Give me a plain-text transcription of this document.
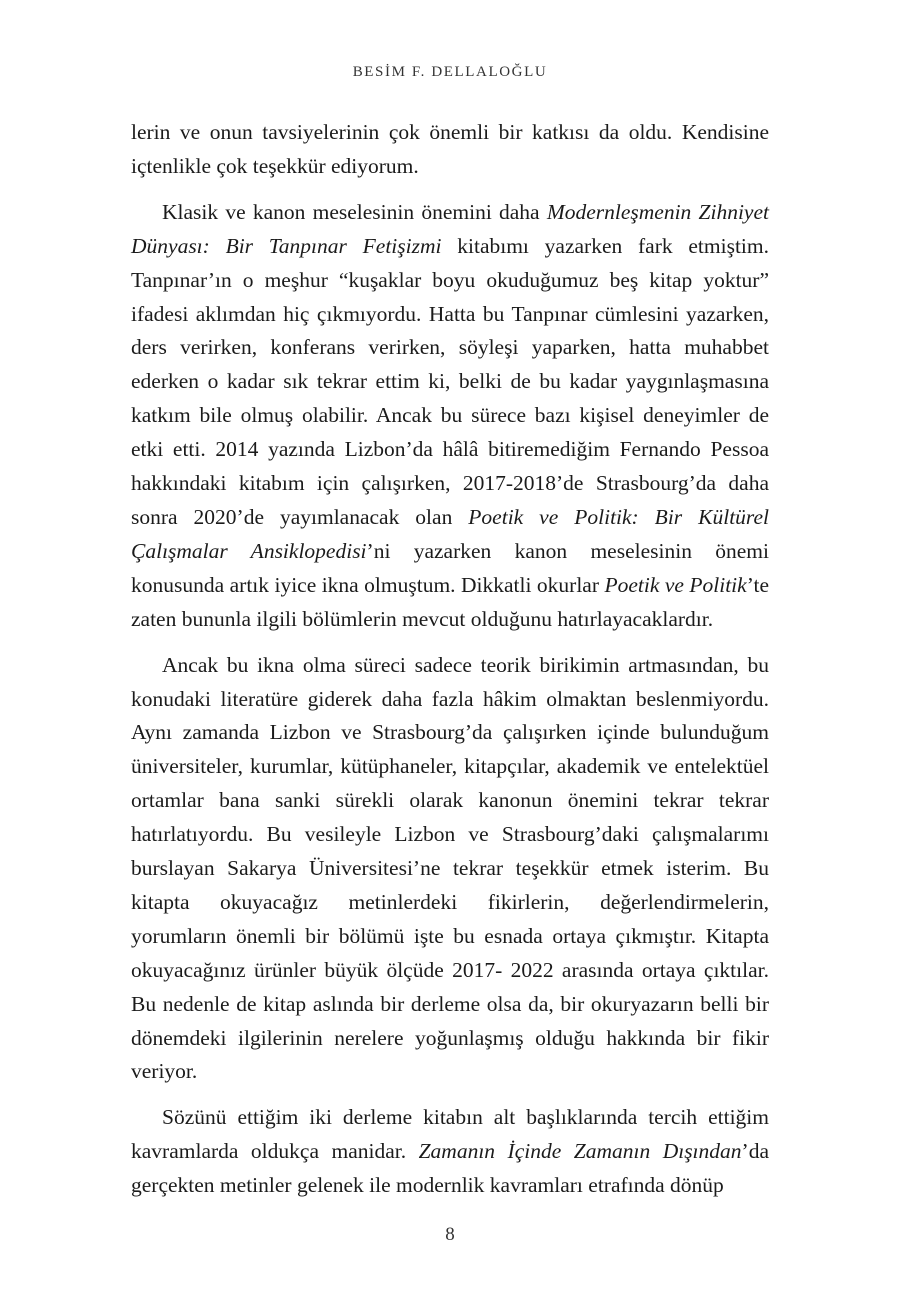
BESİM F. DELLALOĞLU

lerin ve onun tavsiyelerinin çok önemli bir katkısı da oldu. Kendisine içtenlikle çok teşekkür ediyorum.

Klasik ve kanon meselesinin önemini daha Modernleşmenin Zihniyet Dünyası: Bir Tanpınar Fetişizmi kitabımı yazarken fark etmiştim. Tanpınar’ın o meşhur “kuşaklar boyu okuduğumuz beş kitap yoktur” ifadesi aklımdan hiç çıkmıyordu. Hatta bu Tanpınar cümlesini yazarken, ders verirken, konferans verirken, söyleşi yaparken, hatta muhabbet ederken o kadar sık tekrar ettim ki, belki de bu kadar yaygınlaşmasına katkım bile olmuş olabilir. Ancak bu sürece bazı kişisel deneyimler de etki etti. 2014 yazında Lizbon’da hâlâ bitiremediğim Fernando Pessoa hakkındaki kitabım için çalışırken, 2017-2018’de Strasbourg’da daha sonra 2020’de yayımlanacak olan Poetik ve Politik: Bir Kültürel Çalışmalar Ansiklopedisi’ni yazarken kanon meselesinin önemi konusunda artık iyice ikna olmuştum. Dikkatli okurlar Poetik ve Politik’te zaten bununla ilgili bölümlerin mevcut olduğunu hatırlayacaklardır.

Ancak bu ikna olma süreci sadece teorik birikimin artmasından, bu konudaki literatüre giderek daha fazla hâkim olmaktan beslenmiyordu. Aynı zamanda Lizbon ve Strasbourg’da çalışırken içinde bulunduğum üniversiteler, kurumlar, kütüphaneler, kitapçılar, akademik ve entelektüel ortamlar bana sanki sürekli olarak kanonun önemini tekrar tekrar hatırlatıyordu. Bu vesileyle Lizbon ve Strasbourg’daki çalışmalarımı burslayan Sakarya Üniversitesi’ne tekrar teşekkür etmek isterim. Bu kitapta okuyacağız metinlerdeki fikirlerin, değerlendirmelerin, yorumların önemli bir bölümü işte bu esnada ortaya çıkmıştır. Kitapta okuyacağınız ürünler büyük ölçüde 2017- 2022 arasında ortaya çıktılar. Bu nedenle de kitap aslında bir derleme olsa da, bir okuryazarın belli bir dönemdeki ilgilerinin nerelere yoğunlaşmış olduğu hakkında bir fikir veriyor.

Sözünü ettiğim iki derleme kitabın alt başlıklarında tercih ettiğim kavramlarda oldukça manidar. Zamanın İçinde Zamanın Dışından’da gerçekten metinler gelenek ile modernlik kavramları etrafında dönüp

8
